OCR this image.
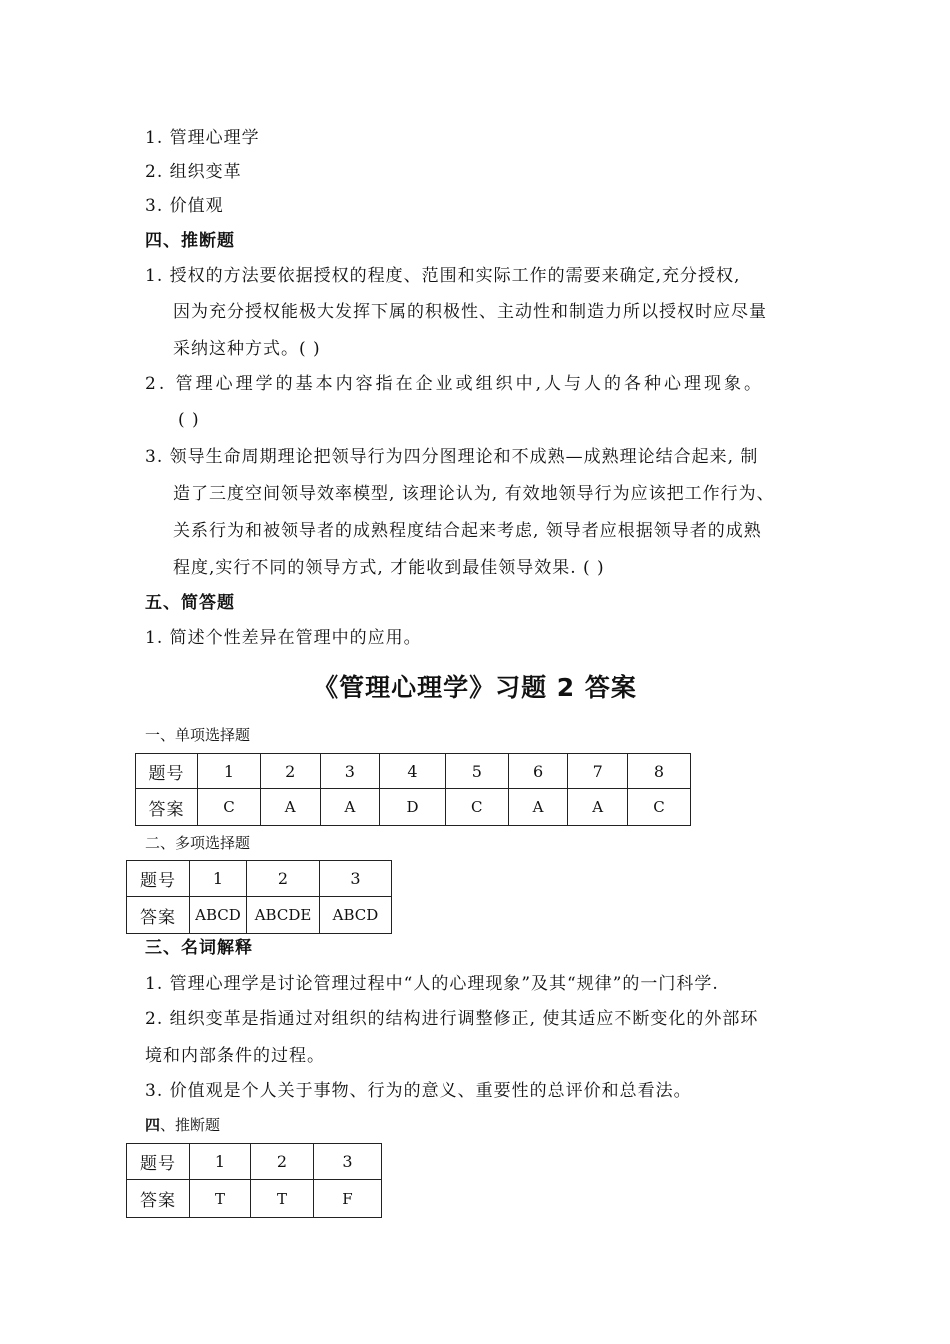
1. 管理心理学
2. 组织变革
3. 价值观
四、推断题
1. 授权的方法要依据授权的程度、范围和实际工作的需要来确定,充分授权,
因为充分授权能极大发挥下属的积极性、主动性和制造力所以授权时应尽量
采纳这种方式。( )
2. 管理心理学的基本内容指在企业或组织中,人与人的各种心理现象。
( )
3. 领导生命周期理论把领导行为四分图理论和不成熟—成熟理论结合起来, 制
造了三度空间领导效率模型, 该理论认为, 有效地领导行为应该把工作行为、
关系行为和被领导者的成熟程度结合起来考虑, 领导者应根据领导者的成熟
程度,实行不同的领导方式, 才能收到最佳领导效果. ( )
五、简答题
1. 简述个性差异在管理中的应用。
《管理心理学》习题 2 答案
一、单项选择题
题号	1	2	3	4	5	6	7	8
答案	C	A	A	D	C	A	A	C
二、多项选择题
题号	1	2	3
答案	ABCD	ABCDE	ABCD
三、名词解释
1. 管理心理学是讨论管理过程中“人的心理现象”及其“规律”的一门科学.
2. 组织变革是指通过对组织的结构进行调整修正, 使其适应不断变化的外部环
境和内部条件的过程。
3. 价值观是个人关于事物、行为的意义、重要性的总评价和总看法。
四、推断题
题号	1	2	3
答案	T	T	F
